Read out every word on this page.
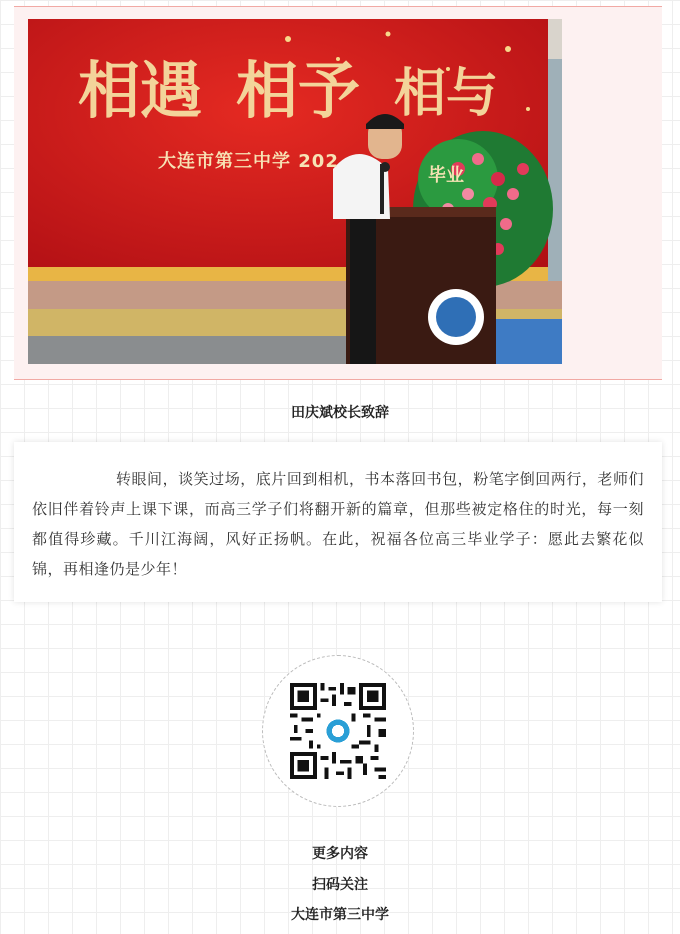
相遇 相予 相与
大连市第三中学 202
毕业
田庆斌校长致辞

转眼间，谈笑过场，底片回到相机，书本落回书包，粉笔字倒回两行，老师们依旧伴着铃声上课下课，而高三学子们将翻开新的篇章，但那些被定格住的时光，每一刻都值得珍藏。千川江海阔，风好正扬帆。在此，祝福各位高三毕业学子：愿此去繁花似锦，再相逢仍是少年！

更多内容
扫码关注
大连市第三中学
